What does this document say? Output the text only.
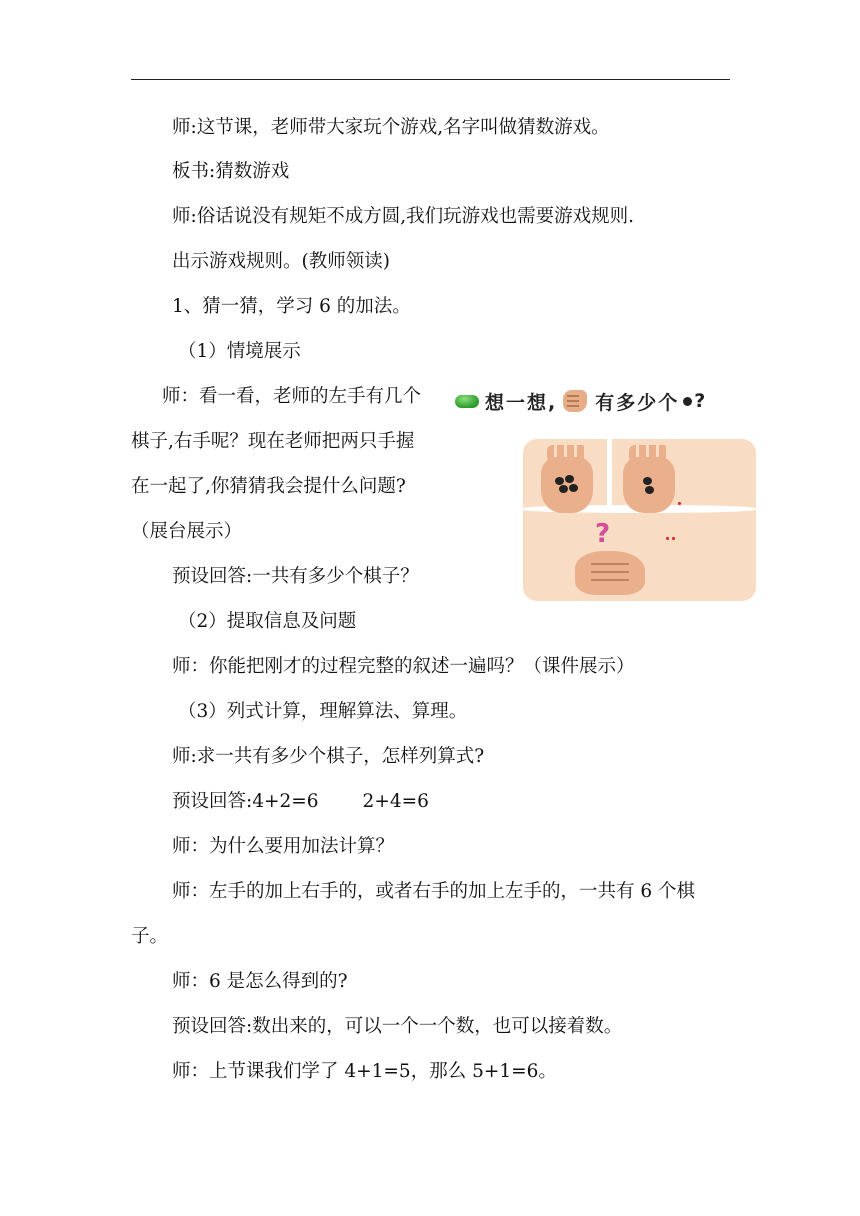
师:这节课，老师带大家玩个游戏,名字叫做猜数游戏。
板书:猜数游戏
师:俗话说没有规矩不成方圆,我们玩游戏也需要游戏规则.
出示游戏规则。(教师领读)
1、猜一猜，学习 6 的加法。
（1）情境展示
师：看一看，老师的左手有几个
棋子,右手呢？现在老师把两只手握
在一起了,你猜猜我会提什么问题?
（展台展示）
预设回答:一共有多少个棋子？
（2）提取信息及问题
师：你能把刚才的过程完整的叙述一遍吗？（课件展示）
（3）列式计算，理解算法、算理。
师:求一共有多少个棋子，怎样列算式?
预设回答:4+2=6 2+4=6
师：为什么要用加法计算？
师：左手的加上右手的，或者右手的加上左手的，一共有 6 个棋
子。
师：6 是怎么得到的?
预设回答:数出来的，可以一个一个数，也可以接着数。
师：上节课我们学了 4+1=5，那么 5+1=6。
想一想, 有多少个 ?
?
